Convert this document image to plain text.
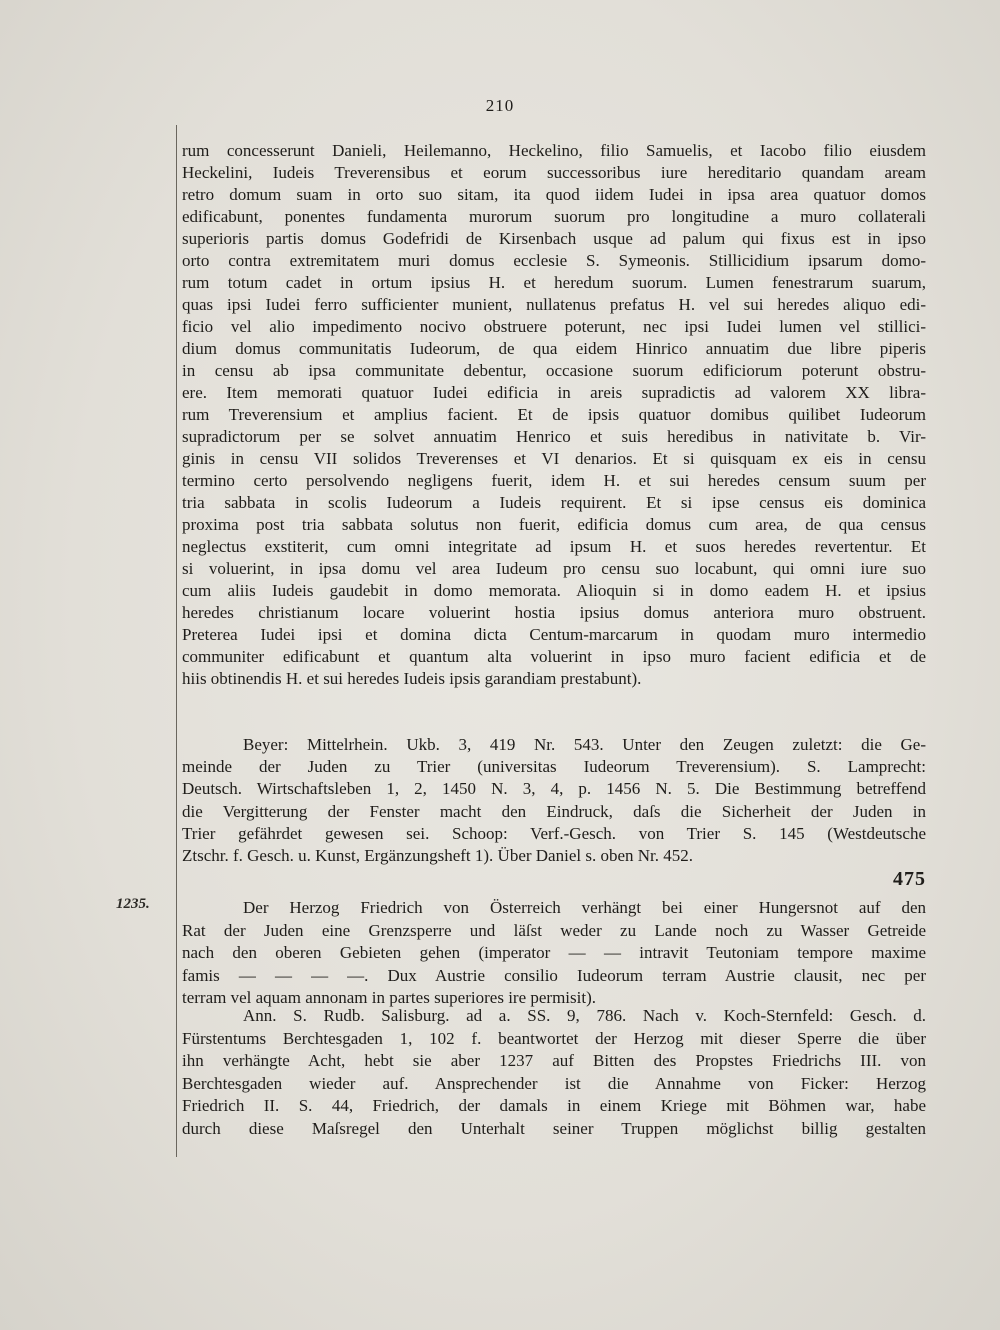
210
rum concesserunt Danieli, Heilemanno, Heckelino, filio Samuelis, et Iacobo filio eiusdem
Heckelini, Iudeis Treverensibus et eorum successoribus iure hereditario quandam aream
retro domum suam in orto suo sitam, ita quod iidem Iudei in ipsa area quatuor domos
edificabunt, ponentes fundamenta murorum suorum pro longitudine a muro collaterali
superioris partis domus Godefridi de Kirsenbach usque ad palum qui fixus est in ipso
orto contra extremitatem muri domus ecclesie S. Symeonis. Stillicidium ipsarum domo-
rum totum cadet in ortum ipsius H. et heredum suorum. Lumen fenestrarum suarum,
quas ipsi Iudei ferro sufficienter munient, nullatenus prefatus H. vel sui heredes aliquo edi-
ficio vel alio impedimento nocivo obstruere poterunt, nec ipsi Iudei lumen vel stillici-
dium domus communitatis Iudeorum, de qua eidem Hinrico annuatim due libre piperis
in censu ab ipsa communitate debentur, occasione suorum edificiorum poterunt obstru-
ere. Item memorati quatuor Iudei edificia in areis supradictis ad valorem XX libra-
rum Treverensium et amplius facient. Et de ipsis quatuor domibus quilibet Iudeorum
supradictorum per se solvet annuatim Henrico et suis heredibus in nativitate b. Vir-
ginis in censu VII solidos Treverenses et VI denarios. Et si quisquam ex eis in censu
termino certo persolvendo negligens fuerit, idem H. et sui heredes censum suum per
tria sabbata in scolis Iudeorum a Iudeis requirent. Et si ipse census eis dominica
proxima post tria sabbata solutus non fuerit, edificia domus cum area, de qua census
neglectus exstiterit, cum omni integritate ad ipsum H. et suos heredes revertentur. Et
si voluerint, in ipsa domu vel area Iudeum pro censu suo locabunt, qui omni iure suo
cum aliis Iudeis gaudebit in domo memorata. Alioquin si in domo eadem H. et ipsius
heredes christianum locare voluerint hostia ipsius domus anteriora muro obstruent.
Preterea Iudei ipsi et domina dicta Centum-marcarum in quodam muro intermedio
communiter edificabunt et quantum alta voluerint in ipso muro facient edificia et de
hiis obtinendis H. et sui heredes Iudeis ipsis garandiam prestabunt).
Beyer: Mittelrhein. Ukb. 3, 419 Nr. 543. Unter den Zeugen zuletzt: die Ge-
meinde der Juden zu Trier (universitas Iudeorum Treverensium). S. Lamprecht:
Deutsch. Wirtschaftsleben 1, 2, 1450 N. 3, 4, p. 1456 N. 5. Die Bestimmung betreffend
die Vergitterung der Fenster macht den Eindruck, daſs die Sicherheit der Juden in
Trier gefährdet gewesen sei. Schoop: Verf.-Gesch. von Trier S. 145 (Westdeutsche
Ztschr. f. Gesch. u. Kunst, Ergänzungsheft 1). Über Daniel s. oben Nr. 452.
Der Herzog Friedrich von Österreich verhängt bei einer Hungersnot auf den
Rat der Juden eine Grenzsperre und läſst weder zu Lande noch zu Wasser Getreide
nach den oberen Gebieten gehen (imperator — — intravit Teutoniam tempore maxime
famis — — — —. Dux Austrie consilio Iudeorum terram Austrie clausit, nec per
terram vel aquam annonam in partes superiores ire permisit).
Ann. S. Rudb. Salisburg. ad a. SS. 9, 786. Nach v. Koch-Sternfeld: Gesch. d.
Fürstentums Berchtesgaden 1, 102 f. beantwortet der Herzog mit dieser Sperre die über
ihn verhängte Acht, hebt sie aber 1237 auf Bitten des Propstes Friedrichs III. von
Berchtesgaden wieder auf. Ansprechender ist die Annahme von Ficker: Herzog
Friedrich II. S. 44, Friedrich, der damals in einem Kriege mit Böhmen war, habe
durch diese Maſsregel den Unterhalt seiner Truppen möglichst billig gestalten
475
1235.
